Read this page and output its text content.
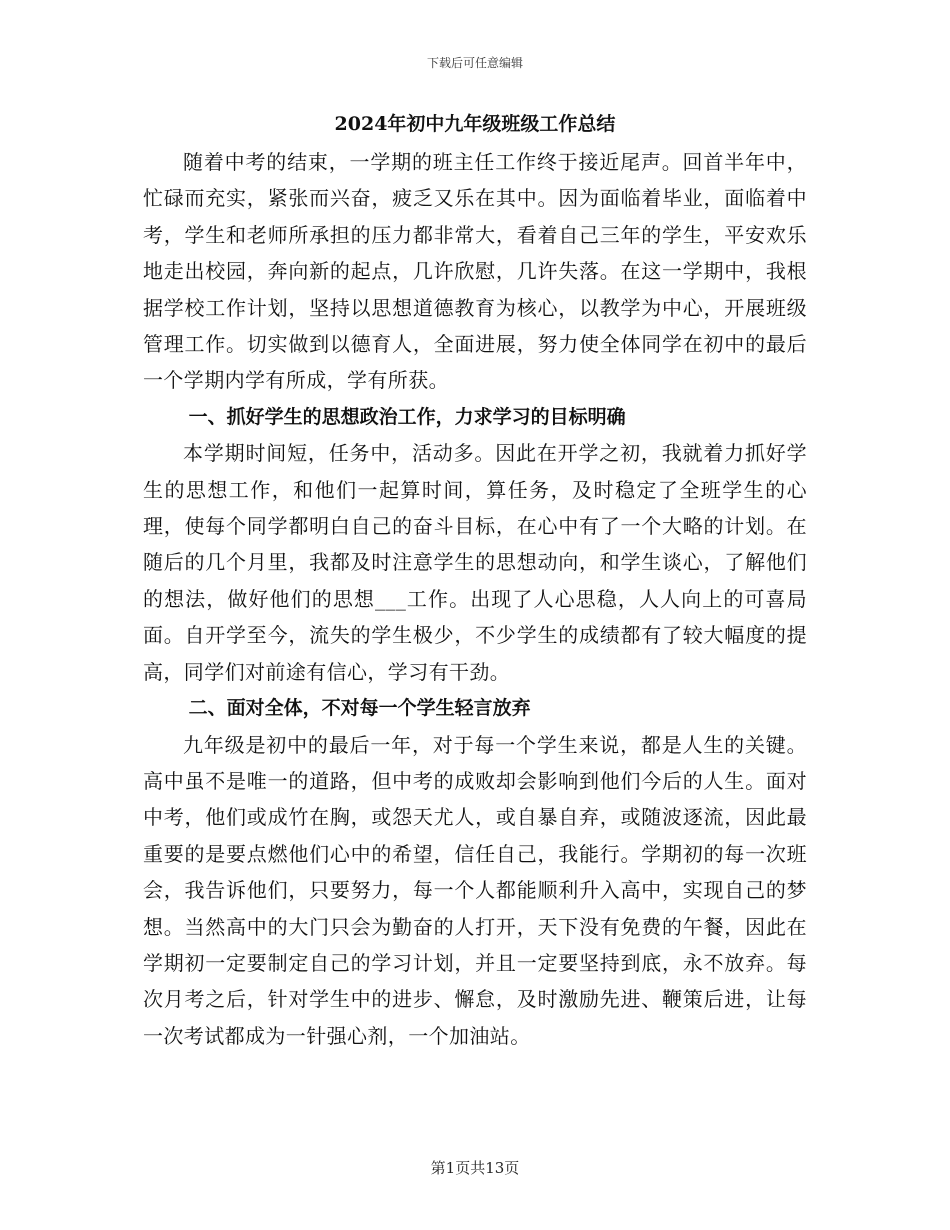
下载后可任意编辑
2024年初中九年级班级工作总结

随着中考的结束，一学期的班主任工作终于接近尾声。回首半年中，忙碌而充实，紧张而兴奋，疲乏又乐在其中。因为面临着毕业，面临着中考，学生和老师所承担的压力都非常大，看着自己三年的学生，平安欢乐地走出校园，奔向新的起点，几许欣慰，几许失落。在这一学期中，我根据学校工作计划，坚持以思想道德教育为核心，以教学为中心，开展班级管理工作。切实做到以德育人，全面进展，努力使全体同学在初中的最后一个学期内学有所成，学有所获。

一、抓好学生的思想政治工作，力求学习的目标明确

本学期时间短，任务中，活动多。因此在开学之初，我就着力抓好学生的思想工作，和他们一起算时间，算任务，及时稳定了全班学生的心理，使每个同学都明白自己的奋斗目标，在心中有了一个大略的计划。在随后的几个月里，我都及时注意学生的思想动向，和学生谈心，了解他们的想法，做好他们的思想___工作。出现了人心思稳，人人向上的可喜局面。自开学至今，流失的学生极少，不少学生的成绩都有了较大幅度的提高，同学们对前途有信心，学习有干劲。

二、面对全体，不对每一个学生轻言放弃

九年级是初中的最后一年，对于每一个学生来说，都是人生的关键。高中虽不是唯一的道路，但中考的成败却会影响到他们今后的人生。面对中考，他们或成竹在胸，或怨天尤人，或自暴自弃，或随波逐流，因此最重要的是要点燃他们心中的希望，信任自己，我能行。学期初的每一次班会，我告诉他们，只要努力，每一个人都能顺利升入高中，实现自己的梦想。当然高中的大门只会为勤奋的人打开，天下没有免费的午餐，因此在学期初一定要制定自己的学习计划，并且一定要坚持到底，永不放弃。每次月考之后，针对学生中的进步、懈怠，及时激励先进、鞭策后进，让每一次考试都成为一针强心剂，一个加油站。

第1页共13页
